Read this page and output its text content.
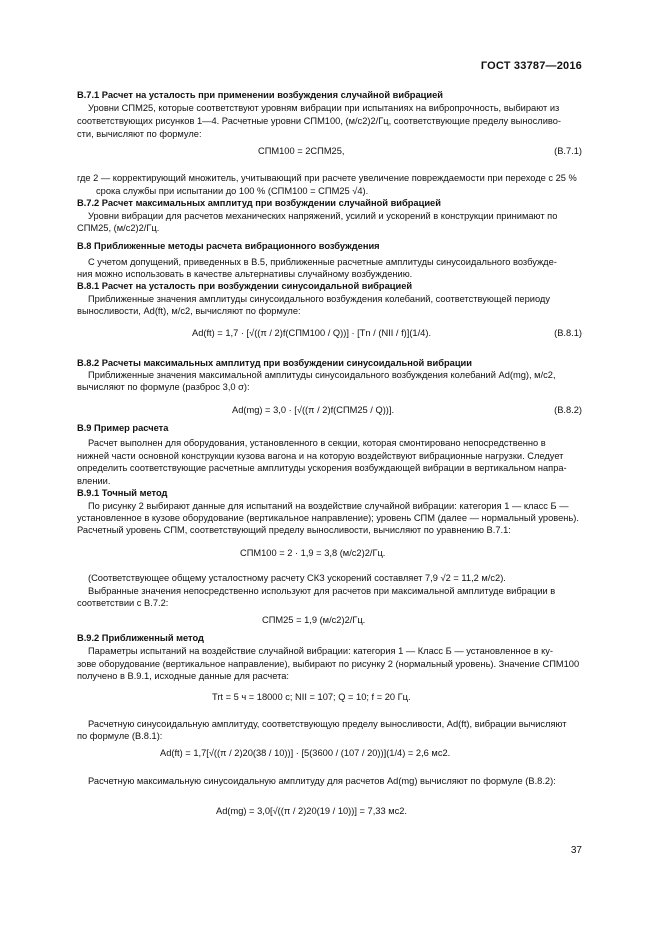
ГОСТ 33787—2016
В.7.1 Расчет на усталость при применении возбуждения случайной вибрацией
Уровни СПМ25, которые соответствуют уровням вибрации при испытаниях на вибропрочность, выбирают из
соответствующих рисунков 1—4. Расчетные уровни СПМ100, (м/с2)2/Гц, соответствующие пределу выносливо-
сти, вычисляют по формуле:
где 2 — корректирующий множитель, учитывающий при расчете увеличение повреждаемости при переходе с 25 %
срока службы при испытании до 100 % (СПМ100 = СПМ25 √4).
В.7.2 Расчет максимальных амплитуд при возбуждении случайной вибрацией
Уровни вибрации для расчетов механических напряжений, усилий и ускорений в конструкции принимают по
СПМ25, (м/с2)2/Гц.
В.8 Приближенные методы расчета вибрационного возбуждения
С учетом допущений, приведенных в В.5, приближенные расчетные амплитуды синусоидального возбужде-
ния можно использовать в качестве альтернативы случайному возбуждению.
В.8.1 Расчет на усталость при возбуждении синусоидальной вибрацией
Приближенные значения амплитуды синусоидального возбуждения колебаний, соответствующей периоду
выносливости, Ad(ft), м/с2, вычисляют по формуле:
В.8.2 Расчеты максимальных амплитуд при возбуждении синусоидальной вибрации
Приближенные значения максимальной амплитуды синусоидального возбуждения колебаний Ad(mg), м/с2,
вычисляют по формуле (разброс 3,0 σ):
В.9 Пример расчета
Расчет выполнен для оборудования, установленного в секции, которая смонтировано непосредственно в
нижней части основной конструкции кузова вагона и на которую воздействуют вибрационные нагрузки. Следует
определить соответствующие расчетные амплитуды ускорения возбуждающей вибрации в вертикальном напра-
влении.
В.9.1 Точный метод
По рисунку 2 выбирают данные для испытаний на воздействие случайной вибрации: категория 1 — класс Б —
установленное в кузове оборудование (вертикальное направление); уровень СПМ (далее — нормальный уровень).
Расчетный уровень СПМ, соответствующий пределу выносливости, вычисляют по уравнению В.7.1:
(Соответствующее общему усталостному расчету СКЗ ускорений составляет 7,9 √2 = 11,2 м/с2).
Выбранные значения непосредственно используют для расчетов при максимальной амплитуде вибрации в
соответствии с В.7.2:
В.9.2 Приближенный метод
Параметры испытаний на воздействие случайной вибрации: категория 1 — Класс Б — установленное в ку-
зове оборудование (вертикальное направление), выбирают по рисунку 2 (нормальный уровень). Значение СПМ100
получено в В.9.1, исходные данные для расчета:
Расчетную синусоидальную амплитуду, соответствующую пределу выносливости, Ad(ft), вибрации вычисляют
по формуле (В.8.1):
Расчетную максимальную синусоидальную амплитуду для расчетов Ad(mg) вычисляют по формуле (В.8.2):
СПМ100 = 2СПМ25,	(В.7.1)
Ad(ft) = 1,7 · [√((π / 2)f(СПМ100 / Q))] · [Tn / (NII / f)](1/4).	(В.8.1)
Ad(mg) = 3,0 · [√((π / 2)f(СПМ25 / Q))].	(В.8.2)
СПМ100 = 2 · 1,9 = 3,8 (м/с2)2/Гц.
СПМ25 = 1,9 (м/с2)2/Гц.
Trt = 5 ч = 18000 с; NII = 107; Q = 10; f = 20 Гц.
Ad(ft) = 1,7[√((π / 2)20(38 / 10))] · [5(3600 / (107 / 20))](1/4) = 2,6 мс2.
Ad(mg) = 3,0[√((π / 2)20(19 / 10))] = 7,33 мс2.
37
